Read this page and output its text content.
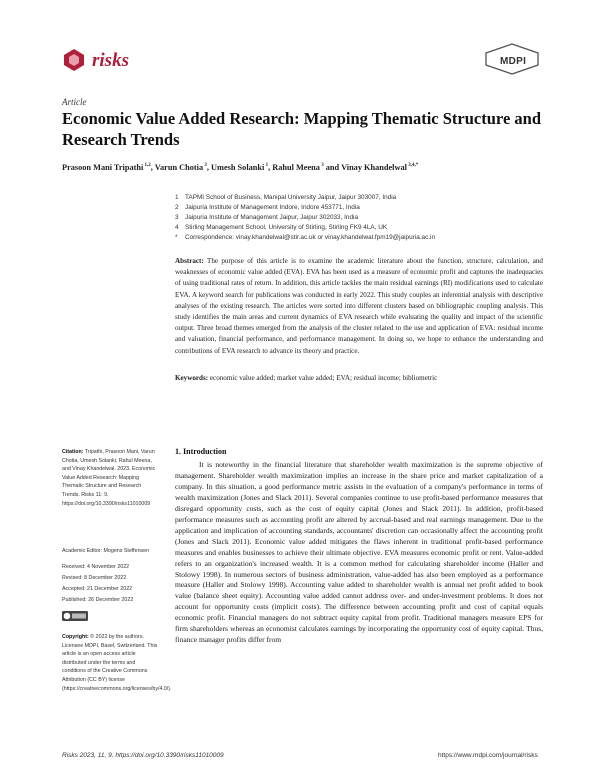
risks	MDPI
Article
Economic Value Added Research: Mapping Thematic Structure and Research Trends
Prasoon Mani Tripathi $^{1,2}$, Varun Chotia $^3$, Umesh Solanki $^1$, Rahul Meena $^3$ and Vinay Khandelwal $^{3,4,*}$
1 TAPMI School of Business, Manipal University Jaipur, Jaipur 303007, India
2 Jaipuria Institute of Management Indore, Indore 453771, India
3 Jaipuria Institute of Management Jaipur, Jaipur 302033, India
4 Stirling Management School, University of Stirling, Stirling FK9 4LA, UK
* Correspondence: vinay.khandelwal@stir.ac.uk or vinay.khandelwal.fpm19@jaipuria.ac.in
Abstract: The purpose of this article is to examine the academic literature about the function, structure, calculation, and weaknesses of economic value added (EVA). EVA has been used as a measure of economic profit and captures the inadequacies of using traditional rates of return. In addition, this article tackles the main residual earnings (RI) modifications used to calculate EVA. A keyword search for publications was conducted in early 2022. This study couples an inferential analysis with descriptive analyses of the existing research. The articles were sorted into different clusters based on bibliographic coupling analysis. This study identifies the main areas and current dynamics of EVA research while evaluating the quality and impact of the scientific output. Three broad themes emerged from the analysis of the cluster related to the use and application of EVA: residual income and valuation, financial performance, and performance management. In doing so, we hope to enhance the understanding and contributions of EVA research to advance its theory and practice.
Keywords: economic value added; market value added; EVA; residual income; bibliometric
Citation: Tripathi, Prasoon Mani, Varun Chotia, Umesh Solanki, Rahul Meena, and Vinay Khandelwal. 2023. Economic Value Added Research: Mapping Thematic Structure and Research Trends. Risks 11: 9. https://doi.org/10.3390/risks11010009
Academic Editor: Mogens Steffensen
Received: 4 November 2022
Revised: 8 December 2022
Accepted: 21 December 2022
Published: 26 December 2022
Copyright: © 2022 by the authors. Licensee MDPI, Basel, Switzerland. This article is an open access article distributed under the terms and conditions of the Creative Commons Attribution (CC BY) license (https://creativecommons.org/licenses/by/4.0/).
1. Introduction
It is noteworthy in the financial literature that shareholder wealth maximization is the supreme objective of management. Shareholder wealth maximization implies an increase in the share price and market capitalization of a company. In this situation, a good performance metric assists in the evaluation of a company's performance in terms of wealth maximization (Jones and Slack 2011). Several companies continue to use profit-based performance measures that disregard opportunity costs, such as the cost of equity capital (Jones and Slack 2011). In addition, profit-based performance measures such as accounting profit are altered by accrual-based and real earnings management. Due to the application and implication of accounting standards, accountants' discretion can occasionally affect the accounting profit (Jones and Slack 2011). Economic value added mitigates the flaws inherent in traditional profit-based performance measures and enables businesses to achieve their ultimate objective. EVA measures economic profit or rent. Value-added refers to an organization's increased wealth. It is a common method for calculating shareholder income (Haller and Stolowy 1998). In numerous sectors of business administration, value-added has also been employed as a performance measure (Haller and Stolowy 1998). Accounting value added to shareholder wealth is annual net profit added to book value (balance sheet equity). Accounting value added cannot address over- and under-investment problems. It does not account for opportunity costs (implicit costs). The difference between accounting profit and cost of capital equals economic profit. Financial managers do not subtract equity capital from profit. Traditional managers measure EPS for firm shareholders whereas an economist calculates earnings by incorporating the opportunity cost of equity capital. Thus, finance manager profits differ from
Risks 2023, 11, 9. https://doi.org/10.3390/risks11010009	https://www.mdpi.com/journal/risks
